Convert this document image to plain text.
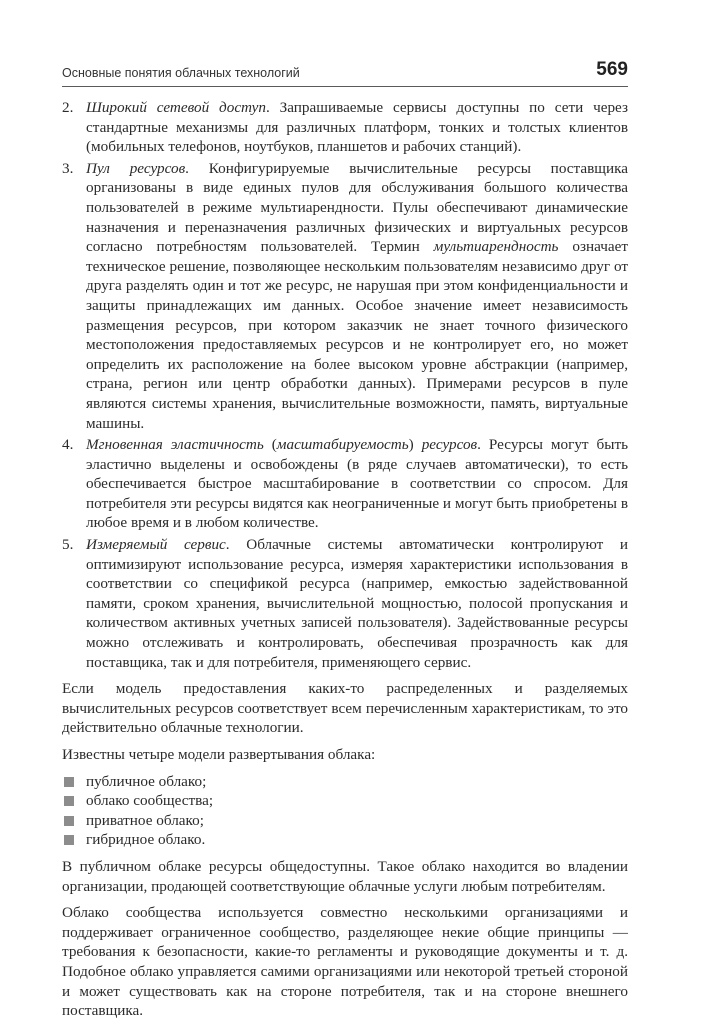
Основные понятия облачных технологий	569
2. Широкий сетевой доступ. Запрашиваемые сервисы доступны по сети через стандартные механизмы для различных платформ, тонких и толстых клиентов (мобильных телефонов, ноутбуков, планшетов и рабочих станций).

3. Пул ресурсов. Конфигурируемые вычислительные ресурсы поставщика организованы в виде единых пулов для обслуживания большого количества пользователей в режиме мультиарендности. Пулы обеспечивают динамические назначения и переназначения различных физических и виртуальных ресурсов согласно потребностям пользователей. Термин мультиарендность означает техническое решение, позволяющее нескольким пользователям независимо друг от друга разделять один и тот же ресурс, не нарушая при этом конфиденциальности и защиты принадлежащих им данных. Особое значение имеет независимость размещения ресурсов, при котором заказчик не знает точного физического местоположения предоставляемых ресурсов и не контролирует его, но может определить их расположение на более высоком уровне абстракции (например, страна, регион или центр обработки данных). Примерами ресурсов в пуле являются системы хранения, вычислительные возможности, память, виртуальные машины.

4. Мгновенная эластичность (масштабируемость) ресурсов. Ресурсы могут быть эластично выделены и освобождены (в ряде случаев автоматически), то есть обеспечивается быстрое масштабирование в соответствии со спросом. Для потребителя эти ресурсы видятся как неограниченные и могут быть приобретены в любое время и в любом количестве.

5. Измеряемый сервис. Облачные системы автоматически контролируют и оптимизируют использование ресурса, измеряя характеристики использования в соответствии со спецификой ресурса (например, емкостью задействованной памяти, сроком хранения, вычислительной мощностью, полосой пропускания и количеством активных учетных записей пользователя). Задействованные ресурсы можно отслеживать и контролировать, обеспечивая прозрачность как для поставщика, так и для потребителя, применяющего сервис.

Если модель предоставления каких-то распределенных и разделяемых вычислительных ресурсов соответствует всем перечисленным характеристикам, то это действительно облачные технологии.

Известны четыре модели развертывания облака:

публичное облако;
облако сообщества;
приватное облако;
гибридное облако.

В публичном облаке ресурсы общедоступны. Такое облако находится во владении организации, продающей соответствующие облачные услуги любым потребителям.

Облако сообщества используется совместно несколькими организациями и поддерживает ограниченное сообщество, разделяющее некие общие принципы — требования к безопасности, какие-то регламенты и руководящие документы и т. д. Подобное облако управляется самими организациями или некоторой третьей стороной и может существовать как на стороне потребителя, так и на стороне внешнего поставщика.
